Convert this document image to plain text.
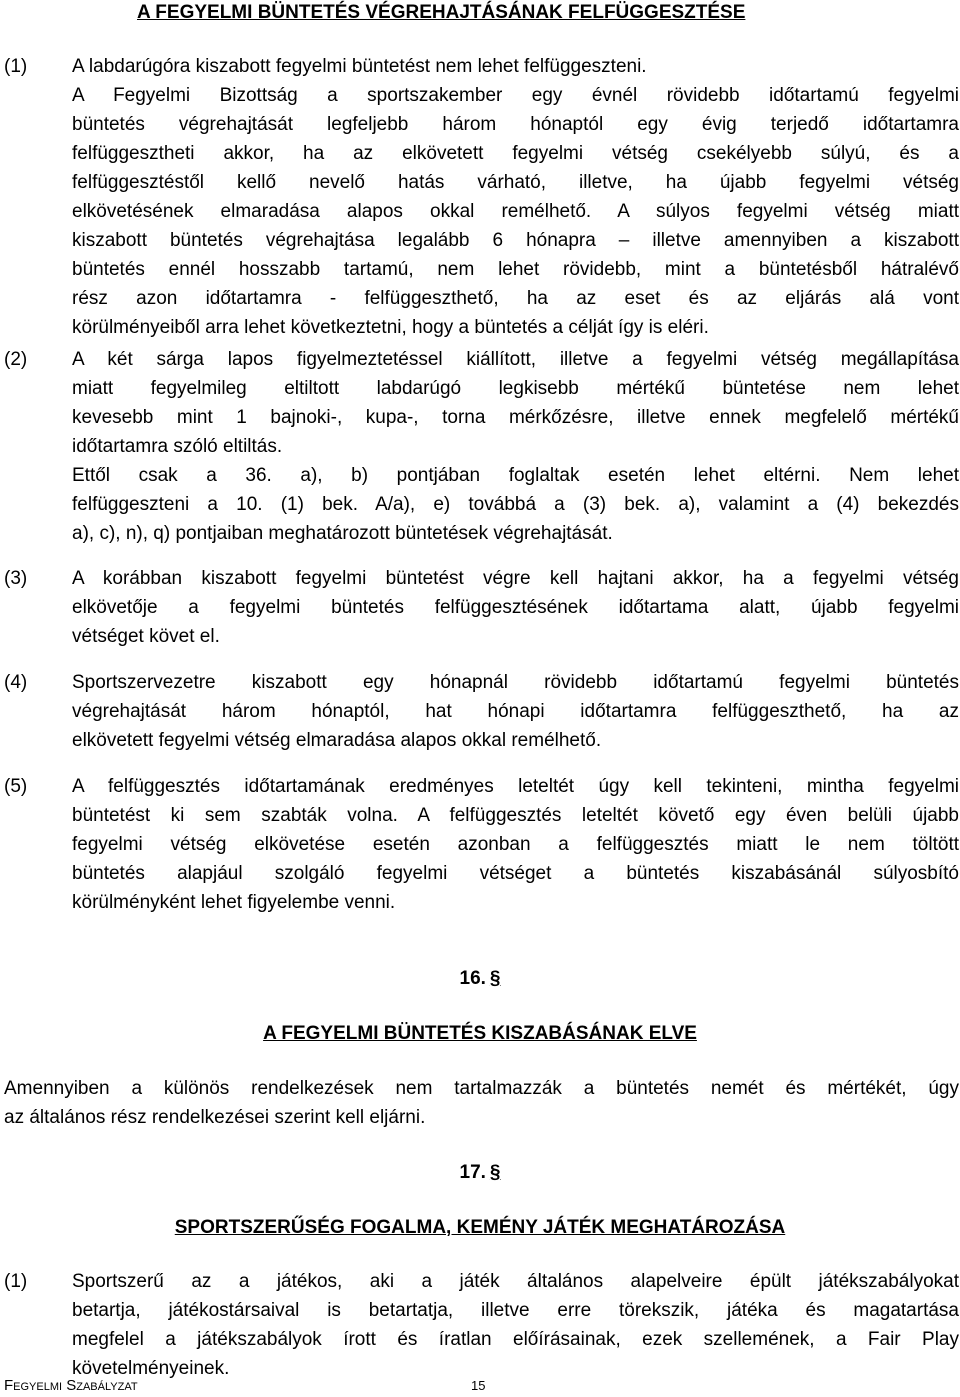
A FEGYELMI BÜNTETÉS VÉGREHAJTÁSÁNAK FELFÜGGESZTÉSE
(1) A labdarúgóra kiszabott fegyelmi büntetést nem lehet felfüggeszteni.
A Fegyelmi Bizottság a sportszakember egy évnél rövidebb időtartamú fegyelmi
büntetés végrehajtását legfeljebb három hónaptól egy évig terjedő időtartamra
felfüggesztheti akkor, ha az elkövetett fegyelmi vétség csekélyebb súlyú, és a
felfüggesztéstől kellő nevelő hatás várható, illetve, ha újabb fegyelmi vétség
elkövetésének elmaradása alapos okkal remélhető. A súlyos fegyelmi vétség miatt
kiszabott büntetés végrehajtása legalább 6 hónapra – illetve amennyiben a kiszabott
büntetés ennél hosszabb tartamú, nem lehet rövidebb, mint a büntetésből hátralévő
rész azon időtartamra - felfüggeszthető, ha az eset és az eljárás alá vont
körülményeiből arra lehet következtetni, hogy a büntetés a célját így is eléri.
(2) A két sárga lapos figyelmeztetéssel kiállított, illetve a fegyelmi vétség megállapítása
miatt fegyelmileg eltiltott labdarúgó legkisebb mértékű büntetése nem lehet
kevesebb mint 1 bajnoki-, kupa-, torna mérkőzésre, illetve ennek megfelelő mértékű
időtartamra szóló eltiltás.
Ettől csak a 36. a), b) pontjában foglaltak esetén lehet eltérni. Nem lehet
felfüggeszteni a 10. (1) bek. A/a), e) továbbá a (3) bek. a), valamint a (4) bekezdés
a), c), n), q) pontjaiban meghatározott büntetések végrehajtását.
(3) A korábban kiszabott fegyelmi büntetést végre kell hajtani akkor, ha a fegyelmi vétség
elkövetője a fegyelmi büntetés felfüggesztésének időtartama alatt, újabb fegyelmi
vétséget követ el.
(4) Sportszervezetre kiszabott egy hónapnál rövidebb időtartamú fegyelmi büntetés
végrehajtását három hónaptól, hat hónapi időtartamra felfüggeszthető, ha az
elkövetett fegyelmi vétség elmaradása alapos okkal remélhető.
(5) A felfüggesztés időtartamának eredményes leteltét úgy kell tekinteni, mintha fegyelmi
büntetést ki sem szabták volna. A felfüggesztés leteltét követő egy éven belüli újabb
fegyelmi vétség elkövetése esetén azonban a felfüggesztés miatt le nem töltött
büntetés alapjául szolgáló fegyelmi vétséget a büntetés kiszabásánál súlyosbító
körülményként lehet figyelembe venni.
16. §
A FEGYELMI BÜNTETÉS KISZABÁSÁNAK ELVE
Amennyiben a különös rendelkezések nem tartalmazzák a büntetés nemét és mértékét, úgy
az általános rész rendelkezései szerint kell eljárni.
17. §
SPORTSZERŰSÉG FOGALMA, KEMÉNY JÁTÉK MEGHATÁROZÁSA
(1) Sportszerű az a játékos, aki a játék általános alapelveire épült játékszabályokat
betartja, játékostársaival is betartatja, illetve erre törekszik, játéka és magatartása
megfelel a játékszabályok írott és íratlan előírásainak, ezek szellemének, a Fair Play
követelményeinek.
Fegyelmi Szabályzat	15
